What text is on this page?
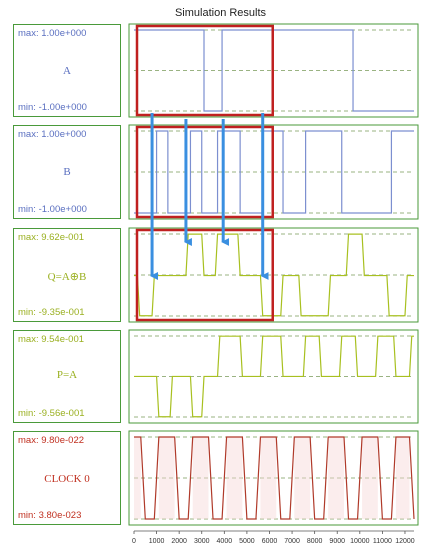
Simulation Results
max: 1.00e+000
A
min: -1.00e+000
max: 1.00e+000
B
min: -1.00e+000
max: 9.62e-001
Q=A⊕B
min: -9.35e-001
max: 9.54e-001
P=A
min: -9.56e-001
max: 9.80e-022
CLOCK 0
min: 3.80e-023
0 1000 2000 3000 4000 5000 6000 7000 8000 9000 10000 11000 12000
